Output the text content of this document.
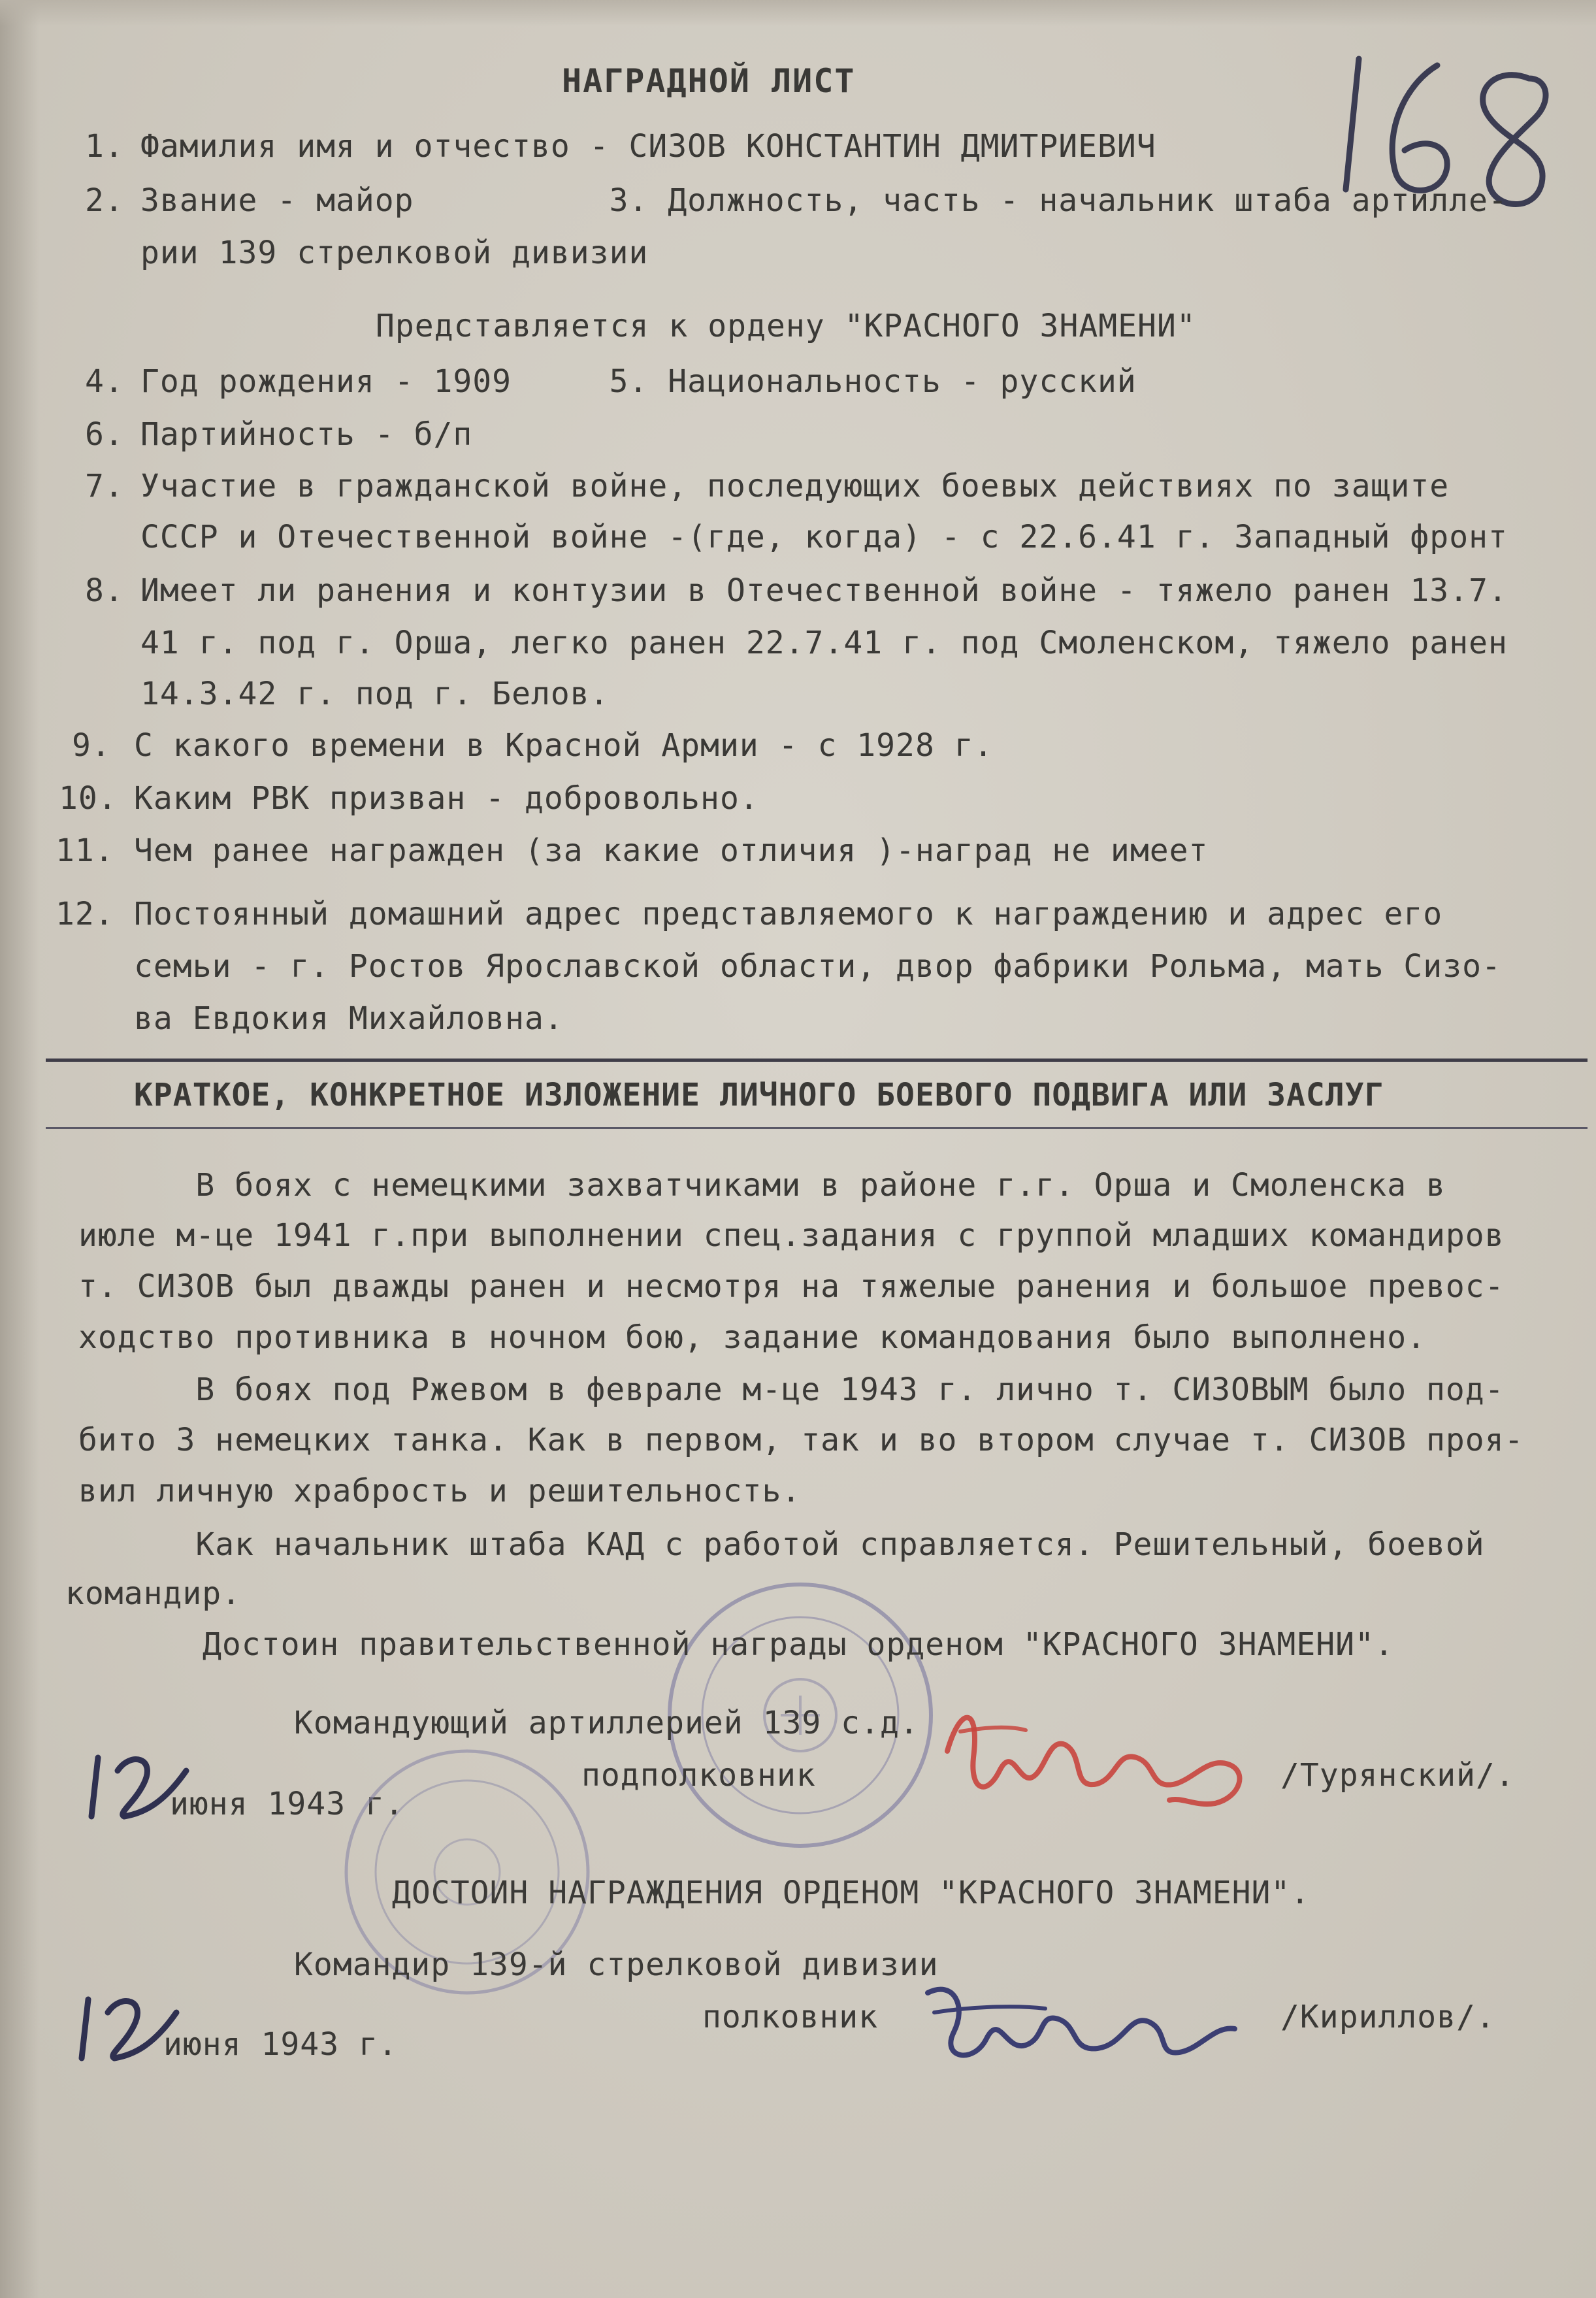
НАГРАДНОЙ ЛИСТ
1. Фамилия имя и отчество - СИЗОВ КОНСТАНТИН ДМИТРИЕВИЧ
2. Звание - майор          3. Должность, часть - начальник штаба артилле-
рии 139 стрелковой дивизии
Представляется к ордену "КРАСНОГО ЗНАМЕНИ"
4. Год рождения - 1909     5. Национальность - русский
6. Партийность - б/п
7. Участие в гражданской войне, последующих боевых действиях по защите
СССР и Отечественной войне -(где, когда) - с 22.6.41 г. Западный фронт
8. Имеет ли ранения и контузии в Отечественной войне - тяжело ранен 13.7.
41 г. под г. Орша, легко ранен 22.7.41 г. под Смоленском, тяжело ранен
14.3.42 г. под г. Белов.
9. С какого времени в Красной Армии - с 1928 г.
10. Каким РВК призван - добровольно.
11. Чем ранее награжден (за какие отличия )-наград не имеет
12. Постоянный домашний адрес представляемого к награждению и адрес его
семьи - г. Ростов Ярославской области, двор фабрики Рольма, мать Сизо-
ва Евдокия Михайловна.
КРАТКОЕ, КОНКРЕТНОЕ ИЗЛОЖЕНИЕ ЛИЧНОГО БОЕВОГО ПОДВИГА ИЛИ ЗАСЛУГ
В боях с немецкими захватчиками в районе г.г. Орша и Смоленска в
июле м-це 1941 г.при выполнении спец.задания с группой младших командиров
т. СИЗОВ был дважды ранен и несмотря на тяжелые ранения и большое превос-
ходство противника в ночном бою, задание командования было выполнено.
В боях под Ржевом в феврале м-це 1943 г. лично т. СИЗОВЫМ было под-
бито 3 немецких танка. Как в первом, так и во втором случае т. СИЗОВ проя-
вил личную храбрость и решительность.
Как начальник штаба КАД с работой справляется. Решительный, боевой
командир.
Достоин правительственной награды орденом "КРАСНОГО ЗНАМЕНИ".
Командующий артиллерией 139 с.д.
подполковник	/Турянский/.
июня 1943 г.
ДОСТОИН НАГРАЖДЕНИЯ ОРДЕНОМ "КРАСНОГО ЗНАМЕНИ".
Командир 139-й стрелковой дивизии
полковник	/Кириллов/.
июня 1943 г.
